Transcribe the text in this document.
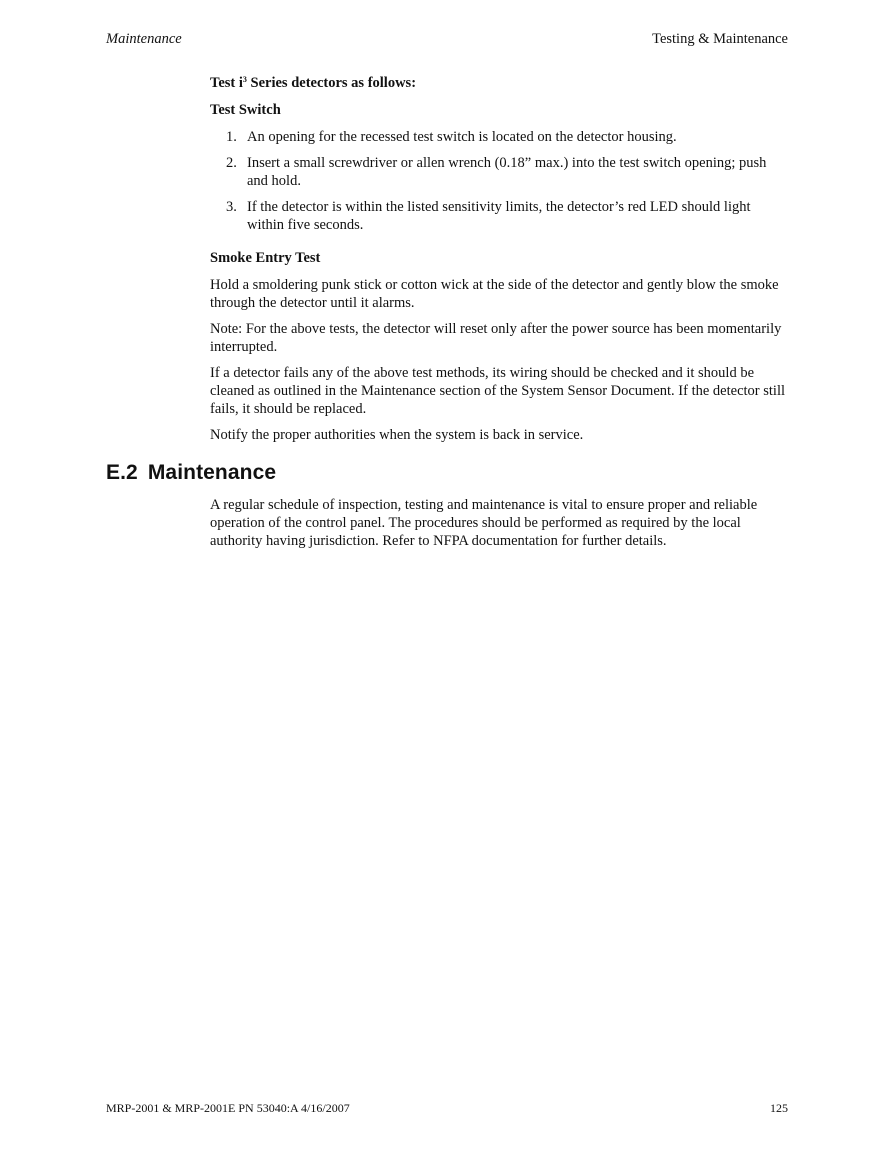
Maintenance	Testing & Maintenance
Test $i^3$ Series detectors as follows:
Test Switch
1. An opening for the recessed test switch is located on the detector housing.
2. Insert a small screwdriver or allen wrench (0.18” max.) into the test switch opening; push and hold.
3. If the detector is within the listed sensitivity limits, the detector’s red LED should light within five seconds.
Smoke Entry Test

Hold a smoldering punk stick or cotton wick at the side of the detector and gently blow the smoke through the detector until it alarms.

Note: For the above tests, the detector will reset only after the power source has been momentarily interrupted.

If a detector fails any of the above test methods, its wiring should be checked and it should be cleaned as outlined in the Maintenance section of the System Sensor Document. If the detector still fails, it should be replaced.

Notify the proper authorities when the system is back in service.

E.2 Maintenance

A regular schedule of inspection, testing and maintenance is vital to ensure proper and reliable operation of the control panel. The procedures should be performed as required by the local authority having jurisdiction. Refer to NFPA documentation for further details.

MRP-2001 & MRP-2001E PN 53040:A 4/16/2007	125
